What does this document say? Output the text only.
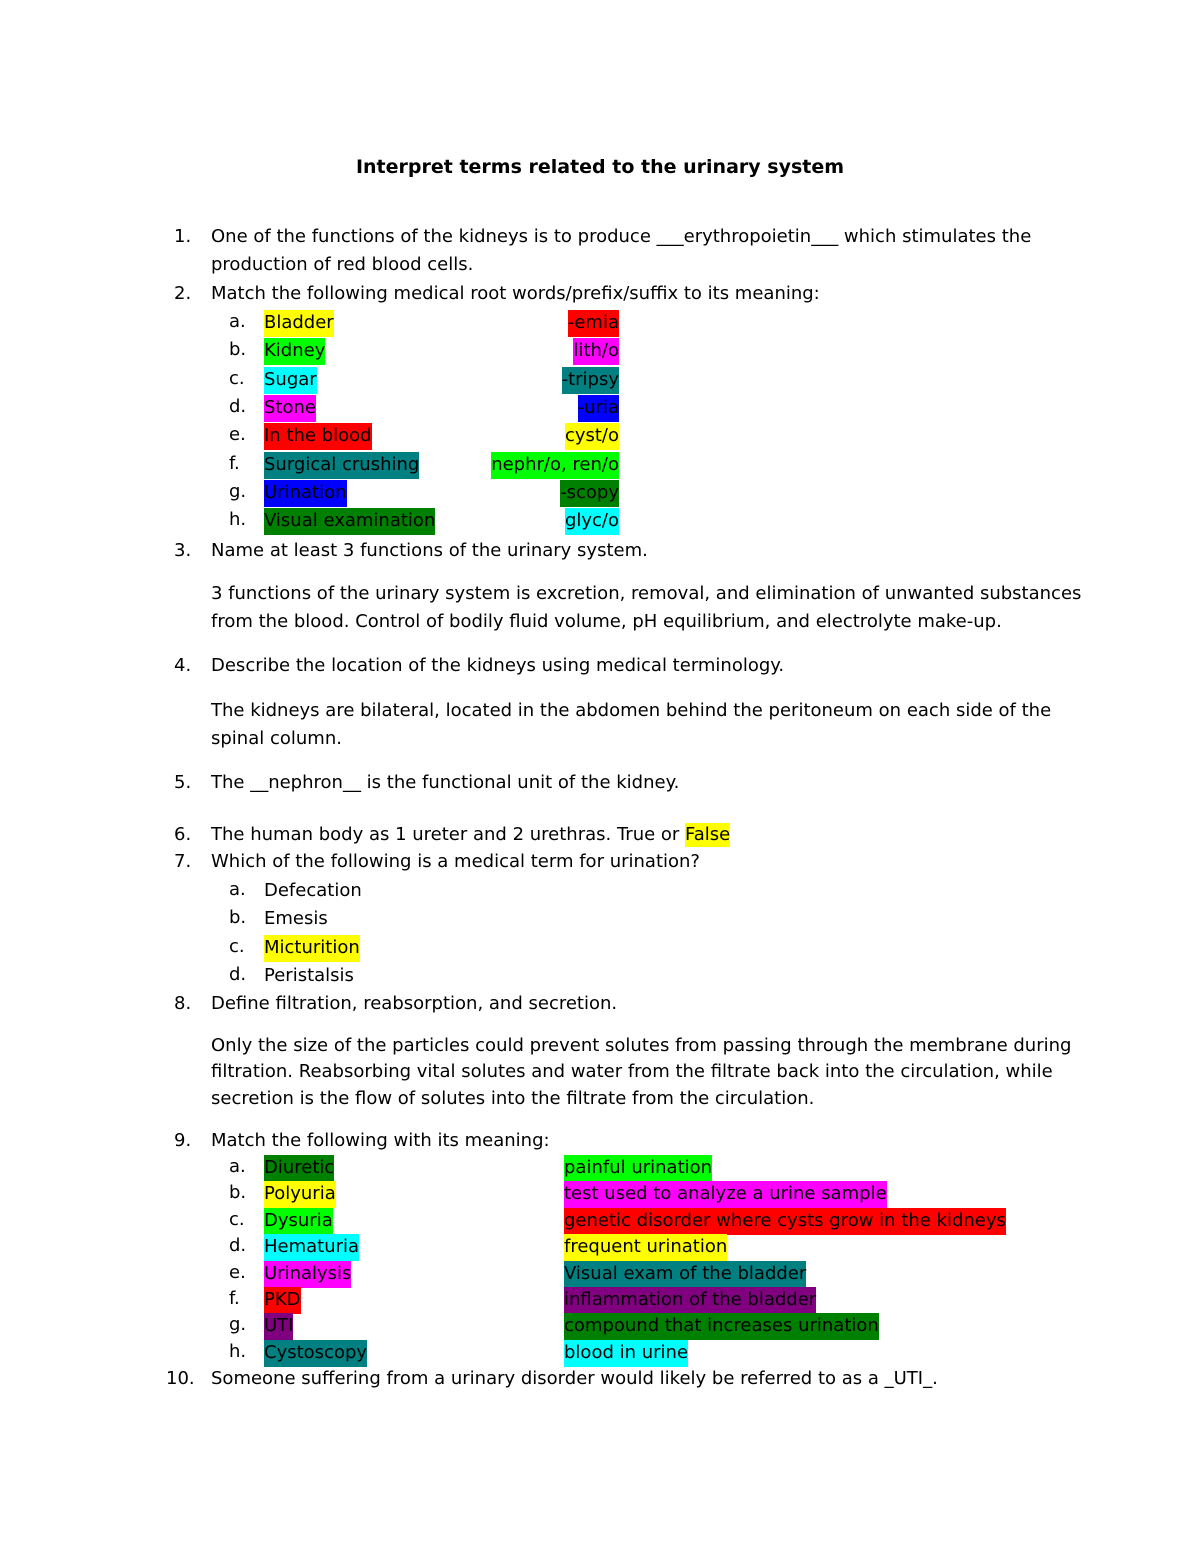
Interpret terms related to the urinary system
1. One of the functions of the kidneys is to produce ___erythropoietin___ which stimulates the
production of red blood cells.
2. Match the following medical root words/prefix/suffix to its meaning:
a. Bladder
b. Kidney
c. Sugar
d. Stone
e. In the blood
f. Surgical crushing
g. Urination
h. Visual examination
-emia
lith/o
-tripsy
-uria
cyst/o
nephr/o, ren/o
-scopy
glyc/o
3. Name at least 3 functions of the urinary system.
3 functions of the urinary system is excretion, removal, and elimination of unwanted substances
from the blood. Control of bodily fluid volume, pH equilibrium, and electrolyte make-up.
4. Describe the location of the kidneys using medical terminology.
The kidneys are bilateral, located in the abdomen behind the peritoneum on each side of the
spinal column.
5. The __nephron__ is the functional unit of the kidney.
6. The human body as 1 ureter and 2 urethras. True or False
7. Which of the following is a medical term for urination?
a. Defecation
b. Emesis
c. Micturition
d. Peristalsis
8. Define filtration, reabsorption, and secretion.
Only the size of the particles could prevent solutes from passing through the membrane during
filtration. Reabsorbing vital solutes and water from the filtrate back into the circulation, while
secretion is the flow of solutes into the filtrate from the circulation.
9. Match the following with its meaning:
a. Diuretic
b. Polyuria
c. Dysuria
d. Hematuria
e. Urinalysis
f. PKD
g. UTI
h. Cystoscopy
painful urination
test used to analyze a urine sample
genetic disorder where cysts grow in the kidneys
frequent urination
Visual exam of the bladder
inflammation of the bladder
compound that increases urination
blood in urine
10. Someone suffering from a urinary disorder would likely be referred to as a _UTI_.
